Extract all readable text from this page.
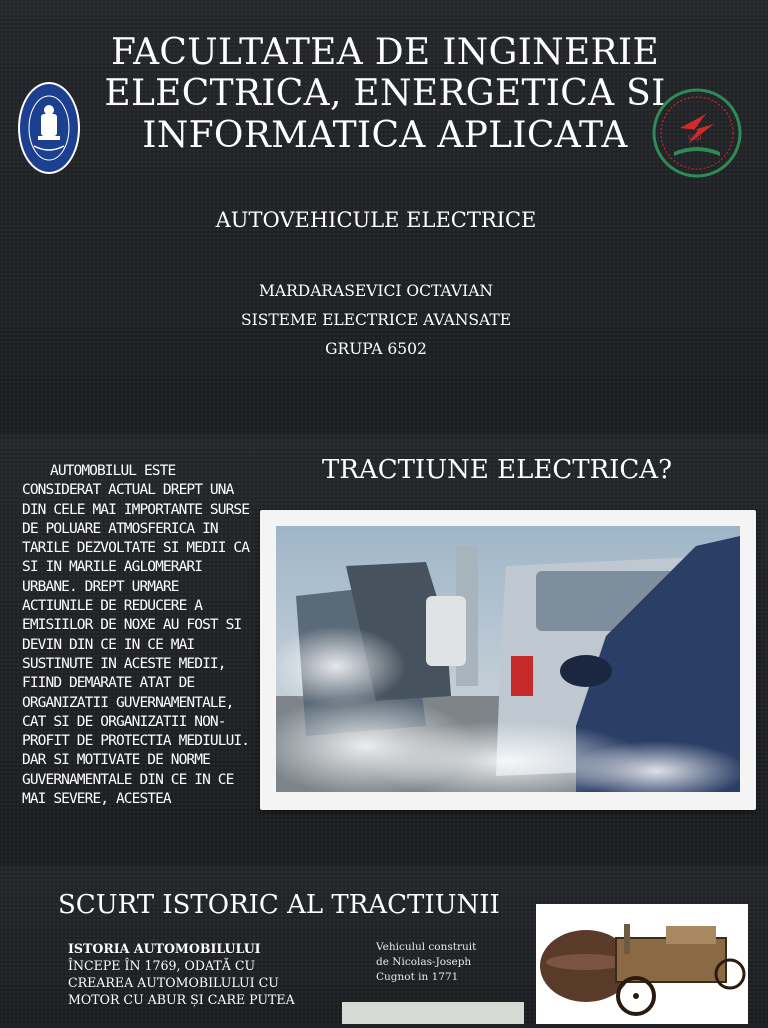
FACULTATEA DE INGINERIE
ELECTRICA, ENERGETICA SI
INFORMATICA APLICATA	IAȘI
AUTOVEHICULE ELECTRICE
MARDARASEVICI OCTAVIAN
SISTEME ELECTRICE AVANSATE
GRUPA 6502
AUTOMOBILUL ESTE CONSIDERAT ACTUAL DREPT UNA DIN CELE MAI IMPORTANTE SURSE DE POLUARE ATMOSFERICA IN TARILE DEZVOLTATE SI MEDII CA SI IN MARILE AGLOMERARI URBANE. DREPT URMARE ACTIUNILE DE REDUCERE A EMISIILOR DE NOXE AU FOST SI DEVIN DIN CE IN CE MAI SUSTINUTE IN ACESTE MEDII, FIIND DEMARATE ATAT DE ORGANIZATII GUVERNAMENTALE, CAT SI DE ORGANIZATII NON-PROFIT DE PROTECTIA MEDIULUI. DAR SI MOTIVATE DE NORME GUVERNAMENTALE DIN CE IN CE MAI SEVERE, ACESTEA
TRACTIUNE ELECTRICA?
SCURT ISTORIC AL TRACTIUNII
ISTORIA AUTOMOBILULUI ÎNCEPE ÎN 1769, ODATĂ CU CREAREA AUTOMOBILULUI CU MOTOR CU ABUR ȘI CARE PUTEA
Vehiculul construit de Nicolas-Joseph Cugnot in 1771
